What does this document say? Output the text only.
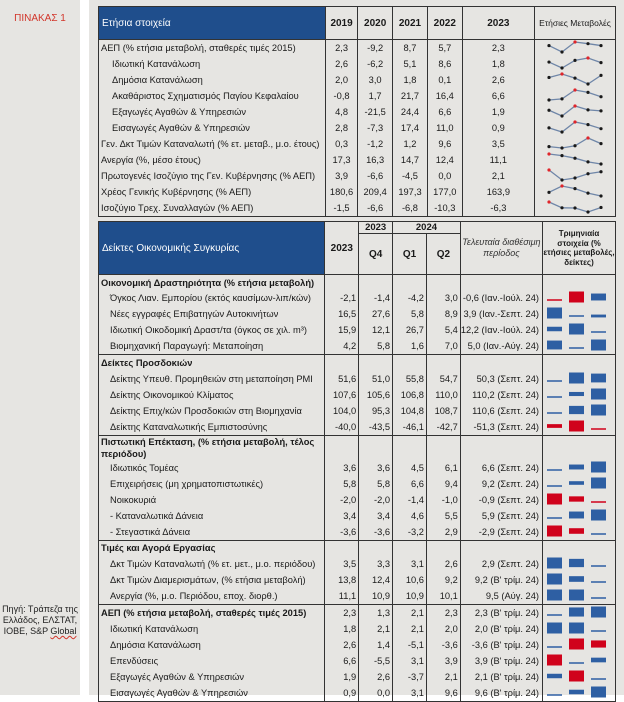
ΠΙΝΑΚΑΣ 1
Πηγή: Τράπεζα της Ελλάδος, ΕΛΣΤΑΤ, ΙΟΒΕ, S&P Global
Ετήσια στοιχεία	2019	2020	2021	2022	2023	Ετήσιες Μεταβολές
ΑΕΠ (% ετήσια μεταβολή, σταθερές τιμές 2015)	2,3	-9,2	8,7	5,7	2,3	
Ιδιωτική Κατανάλωση	2,6	-6,2	5,1	8,6	1,8	
Δημόσια Κατανάλωση	2,0	3,0	1,8	0,1	2,6	
Ακαθάριστος Σχηματισμός Παγίου Κεφαλαίου	-0,8	1,7	21,7	16,4	6,6	
Εξαγωγές Αγαθών & Υπηρεσιών	4,8	-21,5	24,4	6,6	1,9	
Εισαγωγές Αγαθών & Υπηρεσιών	2,8	-7,3	17,4	11,0	0,9	
Γεν. Δκτ Τιμών Καταναλωτή (% ετ. μεταβ., μ.ο. έτους)	0,3	-1,2	1,2	9,6	3,5	
Ανεργία (%, μέσο έτους)	17,3	16,3	14,7	12,4	11,1	
Πρωτογενές Ισοζύγιο της Γεν. Κυβέρνησης (% ΑΕΠ)	3,9	-6,6	-4,5	0,0	2,1	
Χρέος Γενικής Κυβέρνησης (% ΑΕΠ)	180,6	209,4	197,3	177,0	163,9	
Ισοζύγιο Τρεχ. Συναλλαγών (% ΑΕΠ)	-1,5	-6,6	-6,8	-10,3	-6,3	
Δείκτες Οικονομικής Συγκυρίας	2023	2023	2024		Τελευταία διαθέσιμη περίοδος	Τριμηνιαία στοιχεία (% ετήσιες μεταβολές, δείκτες)
		Q4	Q1	Q2		
Οικονομική Δραστηριότητα (% ετήσια μεταβολή)						
Όγκος Λιαν. Εμπορίου (εκτός καυσίμων-λιπ/κών)	-2,1	-1,4	-4,2	3,0	-0,6 (Ιαν.-Ιούλ. 24)	
Νέες εγγραφές Επιβατηγών Αυτοκινήτων	16,5	27,6	5,8	8,9	3,9 (Ιαν.-Σεπτ. 24)	
Ιδιωτική Οικοδομική Δραστ/τα (όγκος σε χιλ. m³)	15,9	12,1	26,7	5,4	12,2 (Ιαν.-Ιούλ. 24)	
Βιομηχανική Παραγωγή: Μεταποίηση	4,2	5,8	1,6	7,0	5,0 (Ιαν.-Αύγ. 24)	
Δείκτες Προσδοκιών						
Δείκτης Υπευθ. Προμηθειών στη μεταποίηση PMI	51,6	51,0	55,8	54,7	50,3 (Σεπτ. 24)	
Δείκτης Οικονομικού Κλίματος	107,6	105,6	106,8	110,0	110,2 (Σεπτ. 24)	
Δείκτης Επιχ/κών Προσδοκιών στη Βιομηχανία	104,0	95,3	104,8	108,7	110,6 (Σεπτ. 24)	
Δείκτης Καταναλωτικής Εμπιστοσύνης	-40,0	-43,5	-46,1	-42,7	-51,3 (Σεπτ. 24)	
Πιστωτική Επέκταση, (% ετήσια μεταβολή, τέλος περιόδου)						
Ιδιωτικός Τομέας	3,6	3,6	4,5	6,1	6,6 (Σεπτ. 24)	
Επιχειρήσεις (μη χρηματοπιστωτικές)	5,8	5,8	6,6	9,4	9,2 (Σεπτ. 24)	
Νοικοκυριά	-2,0	-2,0	-1,4	-1,0	-0,9 (Σεπτ. 24)	
- Καταναλωτικά Δάνεια	3,4	3,4	4,6	5,5	5,9 (Σεπτ. 24)	
- Στεγαστικά Δάνεια	-3,6	-3,6	-3,2	2,9	-2,9 (Σεπτ. 24)	
Τιμές και Αγορά Εργασίας						
Δκτ Τιμών Καταναλωτή (% ετ. μετ., μ.ο. περιόδου)	3,5	3,3	3,1	2,6	2,9 (Σεπτ. 24)	
Δκτ Τιμών Διαμερισμάτων, (% ετήσια μεταβολή)	13,8	12,4	10,6	9,2	9,2 (Β' τρίμ. 24)	
Ανεργία (%, μ.ο. Περιόδου, εποχ. διορθ.)	11,1	10,9	10,9	10,1	9,5 (Αύγ. 24)	
ΑΕΠ (% ετήσια μεταβολή, σταθερές τιμές 2015)	2,3	1,3	2,1	2,3	2,3 (Β' τρίμ. 24)	
Ιδιωτική Κατανάλωση	1,8	2,1	2,1	2,0	2,0 (Β' τρίμ. 24)	
Δημόσια Κατανάλωση	2,6	1,4	-5,1	-3,6	-3,6 (Β' τρίμ. 24)	
Επενδύσεις	6,6	-5,5	3,1	3,9	3,9 (Β' τρίμ. 24)	
Εξαγωγές Αγαθών & Υπηρεσιών	1,9	2,6	-3,7	2,1	2,1 (Β' τρίμ. 24)	
Εισαγωγές Αγαθών & Υπηρεσιών	0,9	0,0	3,1	9,6	9,6 (Β' τρίμ. 24)	
